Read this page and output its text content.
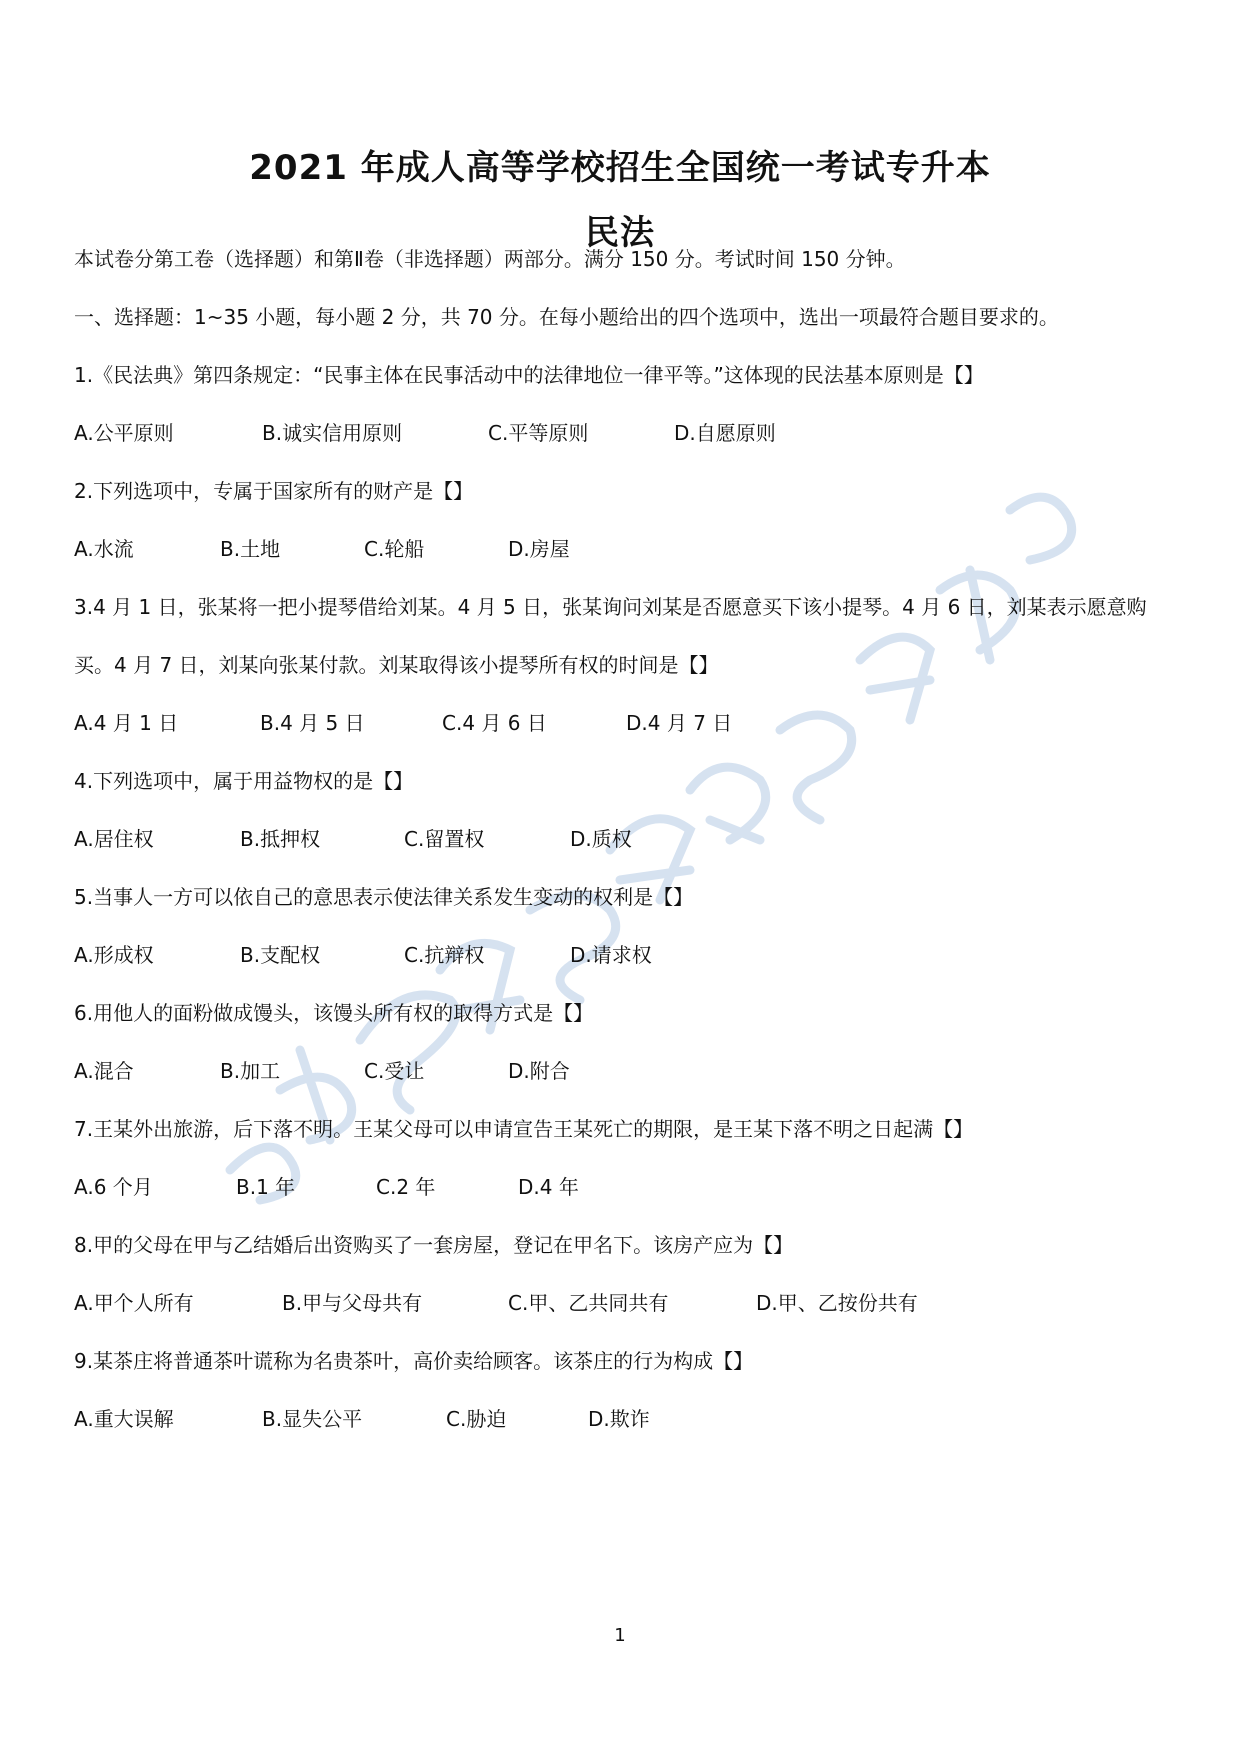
2021 年成人高等学校招生全国统一考试专升本
民法
本试卷分第工卷（选择题）和第Ⅱ卷（非选择题）两部分。满分 150 分。考试时间 150 分钟。
一、选择题：1~35 小题，每小题 2 分，共 70 分。在每小题给出的四个选项中，选出一项最符合题目要求的。
1.《民法典》第四条规定：“民事主体在民事活动中的法律地位一律平等。”这体现的民法基本原则是【】
A.公平原则	B.诚实信用原则	C.平等原则	D.自愿原则
2.下列选项中，专属于国家所有的财产是【】
A.水流	B.土地	C.轮船	D.房屋
3.4 月 1 日，张某将一把小提琴借给刘某。4 月 5 日，张某询问刘某是否愿意买下该小提琴。4 月 6 日，刘某表示愿意购
买。4 月 7 日，刘某向张某付款。刘某取得该小提琴所有权的时间是【】
A.4 月 1 日	B.4 月 5 日	C.4 月 6 日	D.4 月 7 日
4.下列选项中，属于用益物权的是【】
A.居住权	B.抵押权	C.留置权	D.质权
5.当事人一方可以依自己的意思表示使法律关系发生变动的权利是【】
A.形成权	B.支配权	C.抗辩权	D.请求权
6.用他人的面粉做成馒头，该馒头所有权的取得方式是【】
A.混合	B.加工	C.受让	D.附合
7.王某外出旅游，后下落不明。王某父母可以申请宣告王某死亡的期限，是王某下落不明之日起满【】
A.6 个月	B.1 年	C.2 年	D.4 年
8.甲的父母在甲与乙结婚后出资购买了一套房屋，登记在甲名下。该房产应为【】
A.甲个人所有	B.甲与父母共有	C.甲、乙共同共有	D.甲、乙按份共有
9.某茶庄将普通茶叶谎称为名贵茶叶，高价卖给顾客。该茶庄的行为构成【】
A.重大误解	B.显失公平	C.胁迫	D.欺诈
1
